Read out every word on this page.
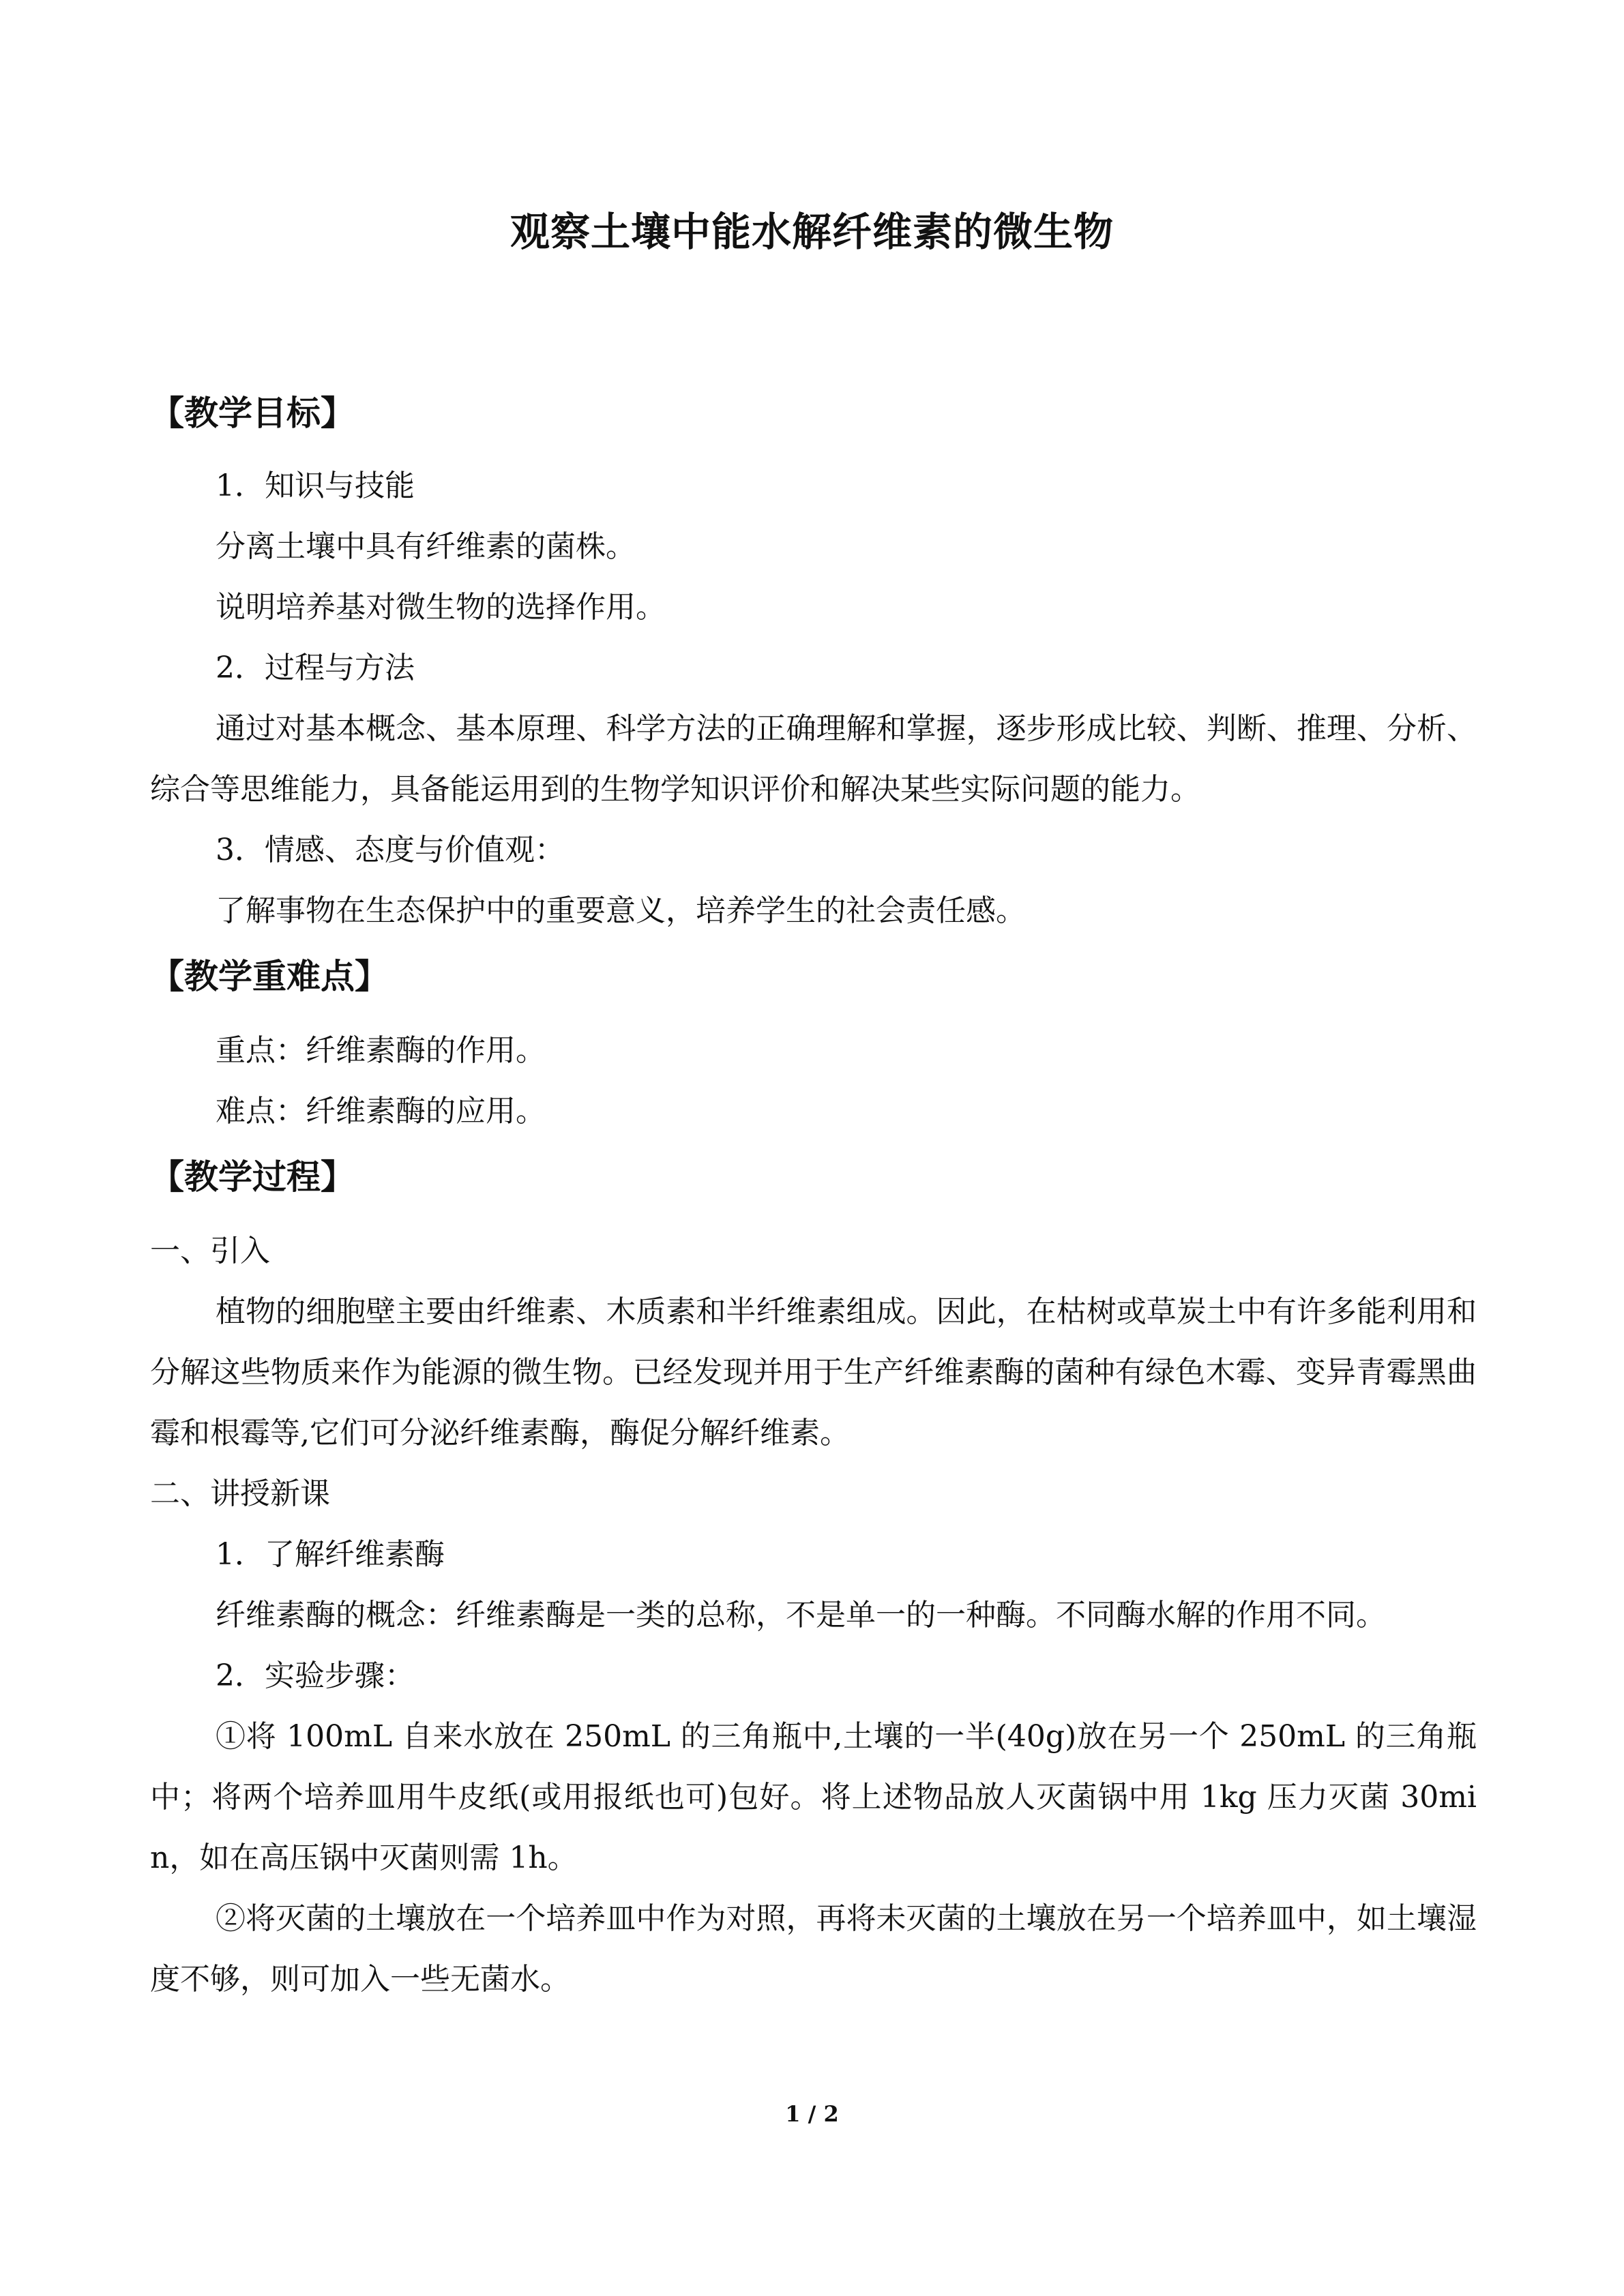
观察土壤中能水解纤维素的微生物
【教学目标】

1．知识与技能

分离土壤中具有纤维素的菌株。

说明培养基对微生物的选择作用。

2．过程与方法

通过对基本概念、基本原理、科学方法的正确理解和掌握，逐步形成比较、判断、推理、分析、综合等思维能力，具备能运用到的生物学知识评价和解决某些实际问题的能力。

3．情感、态度与价值观：

了解事物在生态保护中的重要意义，培养学生的社会责任感。

【教学重难点】

重点：纤维素酶的作用。

难点：纤维素酶的应用。

【教学过程】

一、引入

植物的细胞壁主要由纤维素、木质素和半纤维素组成。因此，在枯树或草炭土中有许多能利用和分解这些物质来作为能源的微生物。已经发现并用于生产纤维素酶的菌种有绿色木霉、变异青霉黑曲霉和根霉等,它们可分泌纤维素酶，酶促分解纤维素。

二、讲授新课

1．了解纤维素酶

纤维素酶的概念：纤维素酶是一类的总称，不是单一的一种酶。不同酶水解的作用不同。

2．实验步骤：

①将 100mL 自来水放在 250mL 的三角瓶中,土壤的一半(40g)放在另一个 250mL 的三角瓶中；将两个培养皿用牛皮纸(或用报纸也可)包好。将上述物品放人灭菌锅中用 1kg 压力灭菌 30min，如在高压锅中灭菌则需 1h。

②将灭菌的土壤放在一个培养皿中作为对照，再将未灭菌的土壤放在另一个培养皿中，如土壤湿度不够，则可加入一些无菌水。

1 / 2
